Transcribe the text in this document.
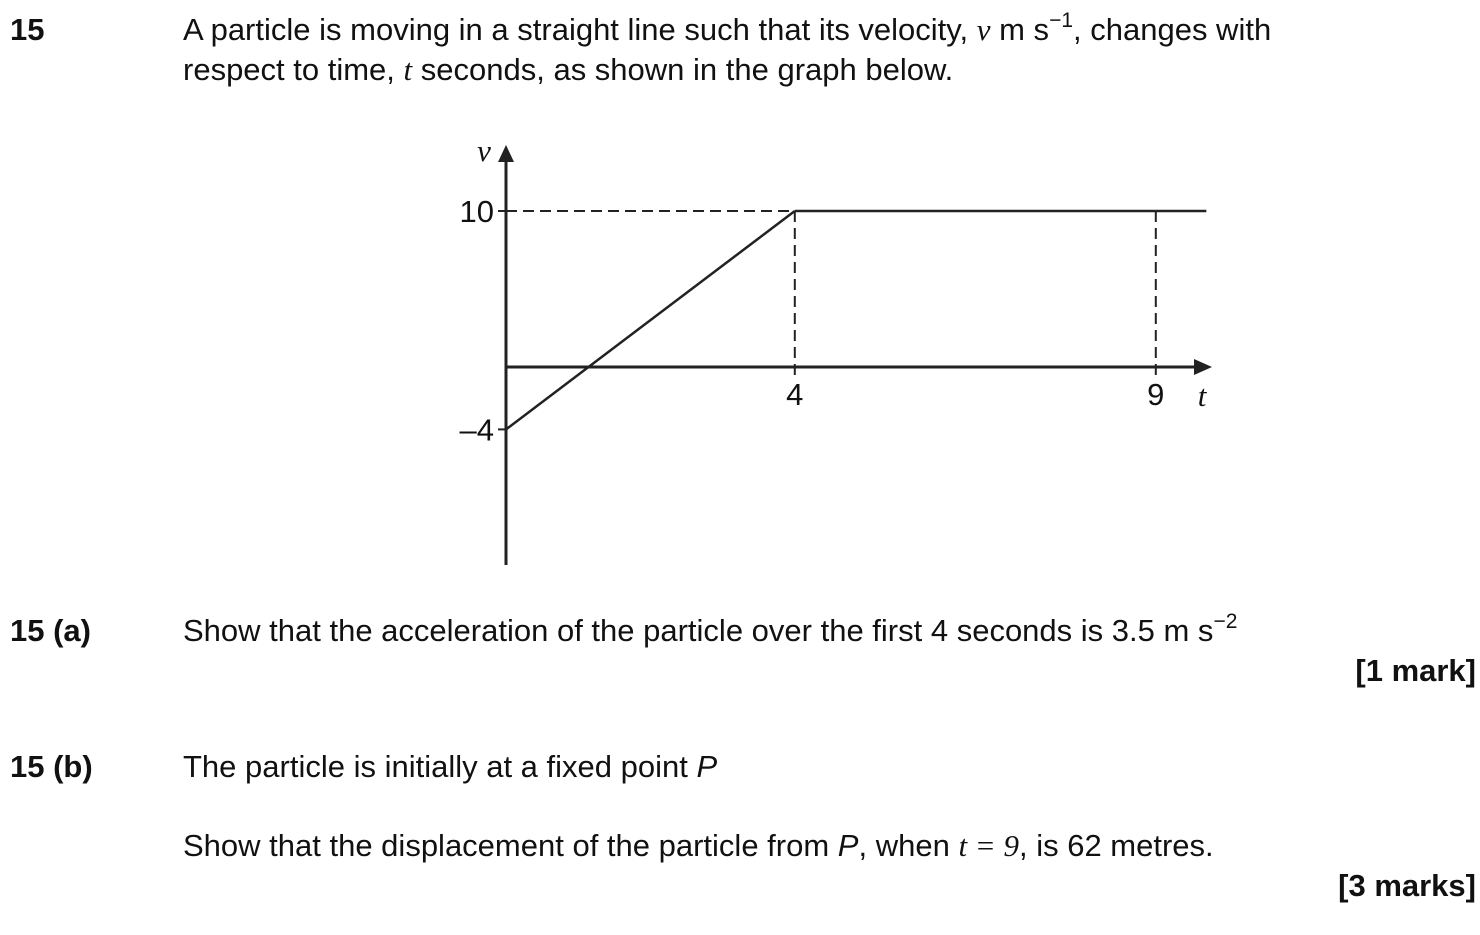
15	A particle is moving in a straight line such that its velocity, v m $s^{-1}$, changes with
respect to time, t seconds, as shown in the graph below.
10
–4
4	9
v
t
15 (a)	Show that the acceleration of the particle over the first 4 seconds is 3.5 m $s^{-2}$
[1 mark]
15 (b)	The particle is initially at a fixed point P
Show that the displacement of the particle from P, when t = 9, is 62 metres.
[3 marks]
